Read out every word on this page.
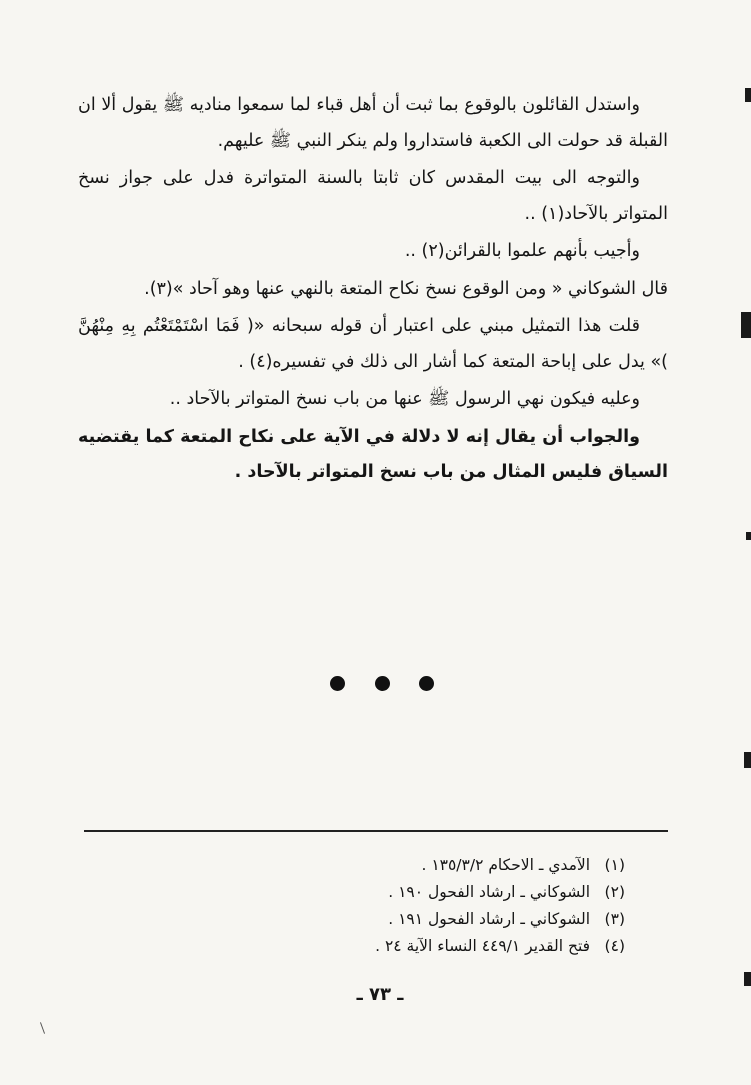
واستدل القائلون بالوقوع بما ثبت أن أهل قباء لما سمعوا مناديه ﷺ يقول ألا ان القبلة قد حولت الى الكعبة فاستداروا ولم ينكر النبي ﷺ عليهم.

والتوجه الى بيت المقدس كان ثابتا بالسنة المتواترة فدل على جواز نسخ المتواتر بالآحاد(١) ..

وأجيب بأنهم علموا بالقرائن(٢) ..

قال الشوكاني « ومن الوقوع نسخ نكاح المتعة بالنهي عنها وهو آحاد »(٣).

قلت هذا التمثيل مبني على اعتبار أن قوله سبحانه «( فَمَا اسْتَمْتَعْتُم بِهِ مِنْهُنَّ )» يدل على إباحة المتعة كما أشار الى ذلك في تفسيره(٤) .

وعليه فيكون نهي الرسول ﷺ عنها من باب نسخ المتواتر بالآحاد ..

والجواب أن يقال إنه لا دلالة في الآية على نكاح المتعة كما يقتضيه السياق فليس المثال من باب نسخ المتواتر بالآحاد .

(١) الآمدي ـ الاحكام ١٣٥/٣/٢ .
(٢) الشوكاني ـ ارشاد الفحول ١٩٠ .
(٣) الشوكاني ـ ارشاد الفحول ١٩١ .
(٤) فتح القدير ٤٤٩/١ النساء الآية ٢٤ .
ـ ٧٣ ـ
